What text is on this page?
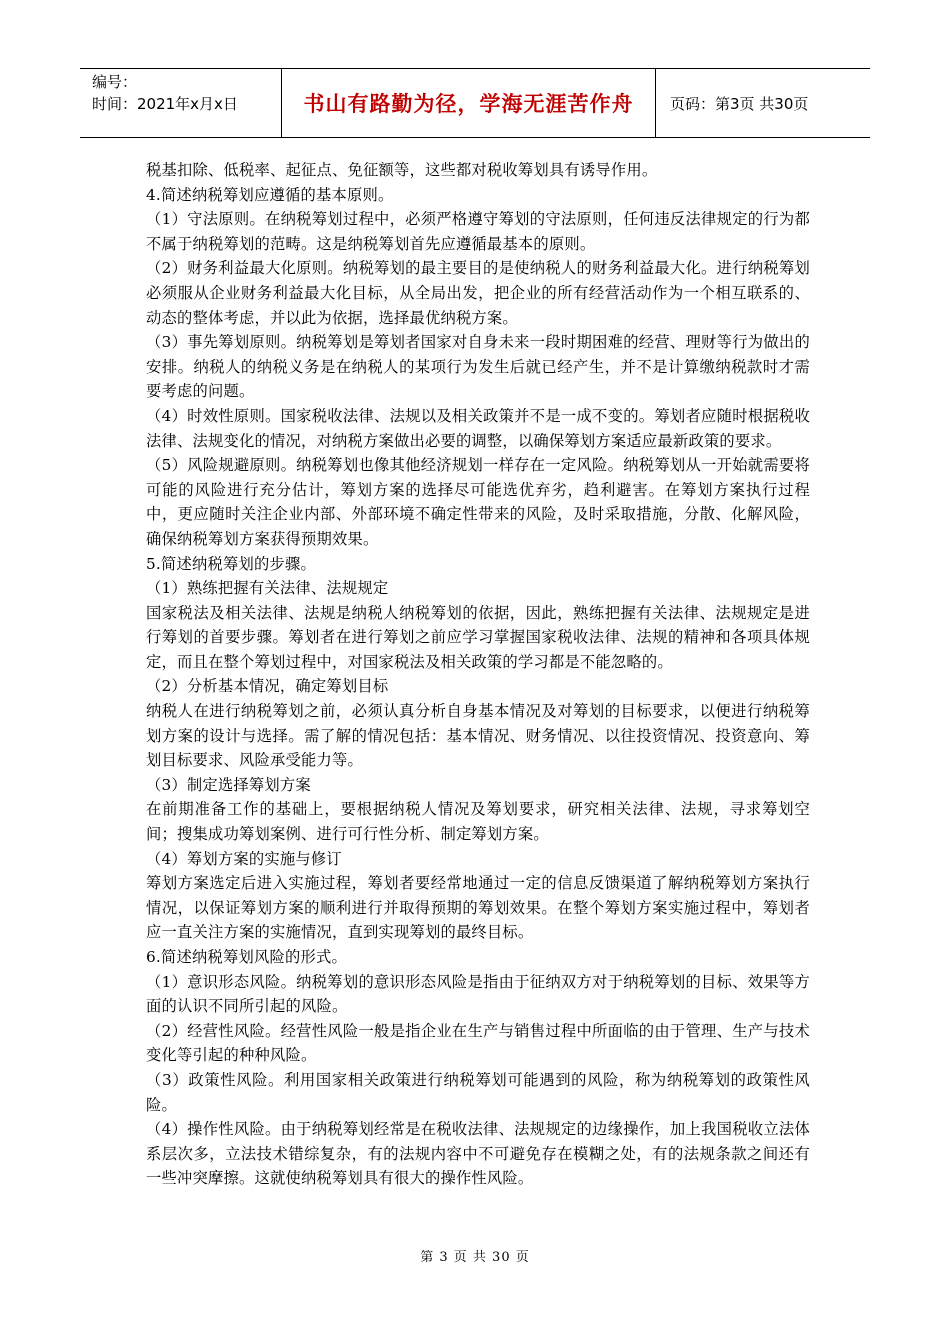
编号：
时间：2021年x月x日	书山有路勤为径，学海无涯苦作舟	页码：第3页 共30页

税基扣除、低税率、起征点、免征额等，这些都对税收筹划具有诱导作用。

4.简述纳税筹划应遵循的基本原则。

（1）守法原则。在纳税筹划过程中，必须严格遵守筹划的守法原则，任何违反法律规定的行为都不属于纳税筹划的范畴。这是纳税筹划首先应遵循最基本的原则。

（2）财务利益最大化原则。纳税筹划的最主要目的是使纳税人的财务利益最大化。进行纳税筹划必须服从企业财务利益最大化目标，从全局出发，把企业的所有经营活动作为一个相互联系的、动态的整体考虑，并以此为依据，选择最优纳税方案。

（3）事先筹划原则。纳税筹划是筹划者国家对自身未来一段时期困难的经营、理财等行为做出的安排。纳税人的纳税义务是在纳税人的某项行为发生后就已经产生，并不是计算缴纳税款时才需要考虑的问题。

（4）时效性原则。国家税收法律、法规以及相关政策并不是一成不变的。筹划者应随时根据税收法律、法规变化的情况，对纳税方案做出必要的调整，以确保筹划方案适应最新政策的要求。

（5）风险规避原则。纳税筹划也像其他经济规划一样存在一定风险。纳税筹划从一开始就需要将可能的风险进行充分估计，筹划方案的选择尽可能选优弃劣，趋利避害。在筹划方案执行过程中，更应随时关注企业内部、外部环境不确定性带来的风险，及时采取措施，分散、化解风险，确保纳税筹划方案获得预期效果。

5.简述纳税筹划的步骤。

（1）熟练把握有关法律、法规规定

国家税法及相关法律、法规是纳税人纳税筹划的依据，因此，熟练把握有关法律、法规规定是进行筹划的首要步骤。筹划者在进行筹划之前应学习掌握国家税收法律、法规的精神和各项具体规定，而且在整个筹划过程中，对国家税法及相关政策的学习都是不能忽略的。

（2）分析基本情况，确定筹划目标

纳税人在进行纳税筹划之前，必须认真分析自身基本情况及对筹划的目标要求，以便进行纳税筹划方案的设计与选择。需了解的情况包括：基本情况、财务情况、以往投资情况、投资意向、筹划目标要求、风险承受能力等。

（3）制定选择筹划方案

在前期准备工作的基础上，要根据纳税人情况及筹划要求，研究相关法律、法规，寻求筹划空间；搜集成功筹划案例、进行可行性分析、制定筹划方案。

（4）筹划方案的实施与修订

筹划方案选定后进入实施过程，筹划者要经常地通过一定的信息反馈渠道了解纳税筹划方案执行情况，以保证筹划方案的顺利进行并取得预期的筹划效果。在整个筹划方案实施过程中，筹划者应一直关注方案的实施情况，直到实现筹划的最终目标。

6.简述纳税筹划风险的形式。

（1）意识形态风险。纳税筹划的意识形态风险是指由于征纳双方对于纳税筹划的目标、效果等方面的认识不同所引起的风险。

（2）经营性风险。经营性风险一般是指企业在生产与销售过程中所面临的由于管理、生产与技术变化等引起的种种风险。

（3）政策性风险。利用国家相关政策进行纳税筹划可能遇到的风险，称为纳税筹划的政策性风险。

（4）操作性风险。由于纳税筹划经常是在税收法律、法规规定的边缘操作，加上我国税收立法体系层次多，立法技术错综复杂，有的法规内容中不可避免存在模糊之处，有的法规条款之间还有一些冲突摩擦。这就使纳税筹划具有很大的操作性风险。

第 3 页 共 30 页
